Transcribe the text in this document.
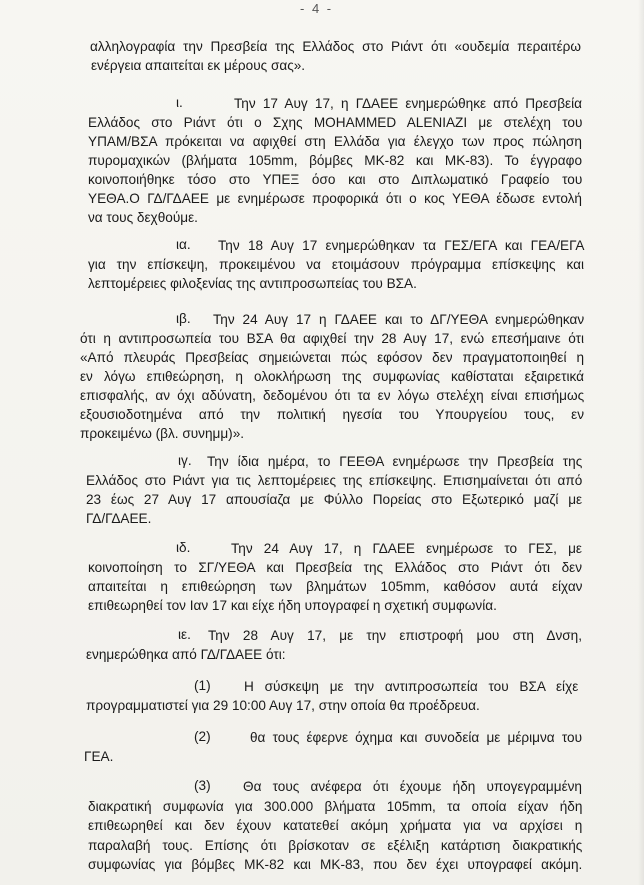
- 4 -
αλληλογραφία την Πρεσβεία της Ελλάδος στο Ριάντ ότι «ουδεμία περαιτέρω
ενέργεια απαιτείται εκ μέρους σας».
ι.	Την 17 Αυγ 17, η ΓΔΑΕΕ ενημερώθηκε από Πρεσβεία
Ελλάδος στο Ριάντ ότι ο Σχης MOHAMMED ALENIAZI με στελέχη του
ΥΠΑΜ/ΒΣΑ πρόκειται να αφιχθεί στη Ελλάδα για έλεγχο των προς πώληση
πυρομαχικών (βλήματα 105mm, βόμβες ΜΚ-82 και ΜΚ-83). Το έγγραφο
κοινοποιήθηκε τόσο στο ΥΠΕΞ όσο και στο Διπλωματικό Γραφείο του
ΥΕΘΑ.Ο ΓΔ/ΓΔΑΕΕ με ενημέρωσε προφορικά ότι ο κος ΥΕΘΑ έδωσε εντολή
να τους δεχθούμε.
ια. Την 18 Αυγ 17 ενημερώθηκαν τα ΓΕΣ/ΕΓΑ και ΓΕΑ/ΕΓΑ
για την επίσκεψη, προκειμένου να ετοιμάσουν πρόγραμμα επίσκεψης και
λεπτομέρειες φιλοξενίας της αντιπροσωπείας του ΒΣΑ.
ιβ. Την 24 Αυγ 17 η ΓΔΑΕΕ και το ΔΓ/ΥΕΘΑ ενημερώθηκαν
ότι η αντιπροσωπεία του ΒΣΑ θα αφιχθεί την 28 Αυγ 17, ενώ επεσήμαινε ότι
«Από πλευράς Πρεσβείας σημειώνεται πώς εφόσον δεν πραγματοποιηθεί η
εν λόγω επιθεώρηση, η ολοκλήρωση της συμφωνίας καθίσταται εξαιρετικά
επισφαλής, αν όχι αδύνατη, δεδομένου ότι τα εν λόγω στελέχη είναι επισήμως
εξουσιοδοτημένα από την πολιτική ηγεσία του Υπουργείου τους, εν
προκειμένω (βλ. συνημμ)».
ιγ. Την ίδια ημέρα, το ΓΕΕΘΑ ενημέρωσε την Πρεσβεία της
Ελλάδος στο Ριάντ για τις λεπτομέρειες της επίσκεψης. Επισημαίνεται ότι από
23 έως 27 Αυγ 17 απουσίαζα με Φύλλο Πορείας στο Εξωτερικό μαζί με
ΓΔ/ΓΔΑΕΕ.
ιδ.	Την 24 Αυγ 17, η ΓΔΑΕΕ ενημέρωσε το ΓΕΣ, με
κοινοποίηση το ΣΓ/ΥΕΘΑ και Πρεσβεία της Ελλάδος στο Ριάντ ότι δεν
απαιτείται η επιθεώρηση των βλημάτων 105mm, καθόσον αυτά είχαν
επιθεωρηθεί τον Ιαν 17 και είχε ήδη υπογραφεί η σχετική συμφωνία.
ιε. Την 28 Αυγ 17, με την επιστροφή μου στη Δνση,
ενημερώθηκα από ΓΔ/ΓΔΑΕΕ ότι:
(1) Η σύσκεψη με την αντιπροσωπεία του ΒΣΑ είχε
προγραμματιστεί για 29 10:00 Αυγ 17, στην οποία θα προέδρευα.
(2)	θα τους έφερνε όχημα και συνοδεία με μέριμνα του
ΓΕΑ.
(3) Θα τους ανέφερα ότι έχουμε ήδη υπογεγραμμένη
διακρατική συμφωνία για 300.000 βλήματα 105mm, τα οποία είχαν ήδη
επιθεωρηθεί και δεν έχουν κατατεθεί ακόμη χρήματα για να αρχίσει η
παραλαβή τους. Επίσης ότι βρίσκοταν σε εξέλιξη κατάρτιση διακρατικής
συμφωνίας για βόμβες ΜΚ-82 και ΜΚ-83, που δεν έχει υπογραφεί ακόμη.
